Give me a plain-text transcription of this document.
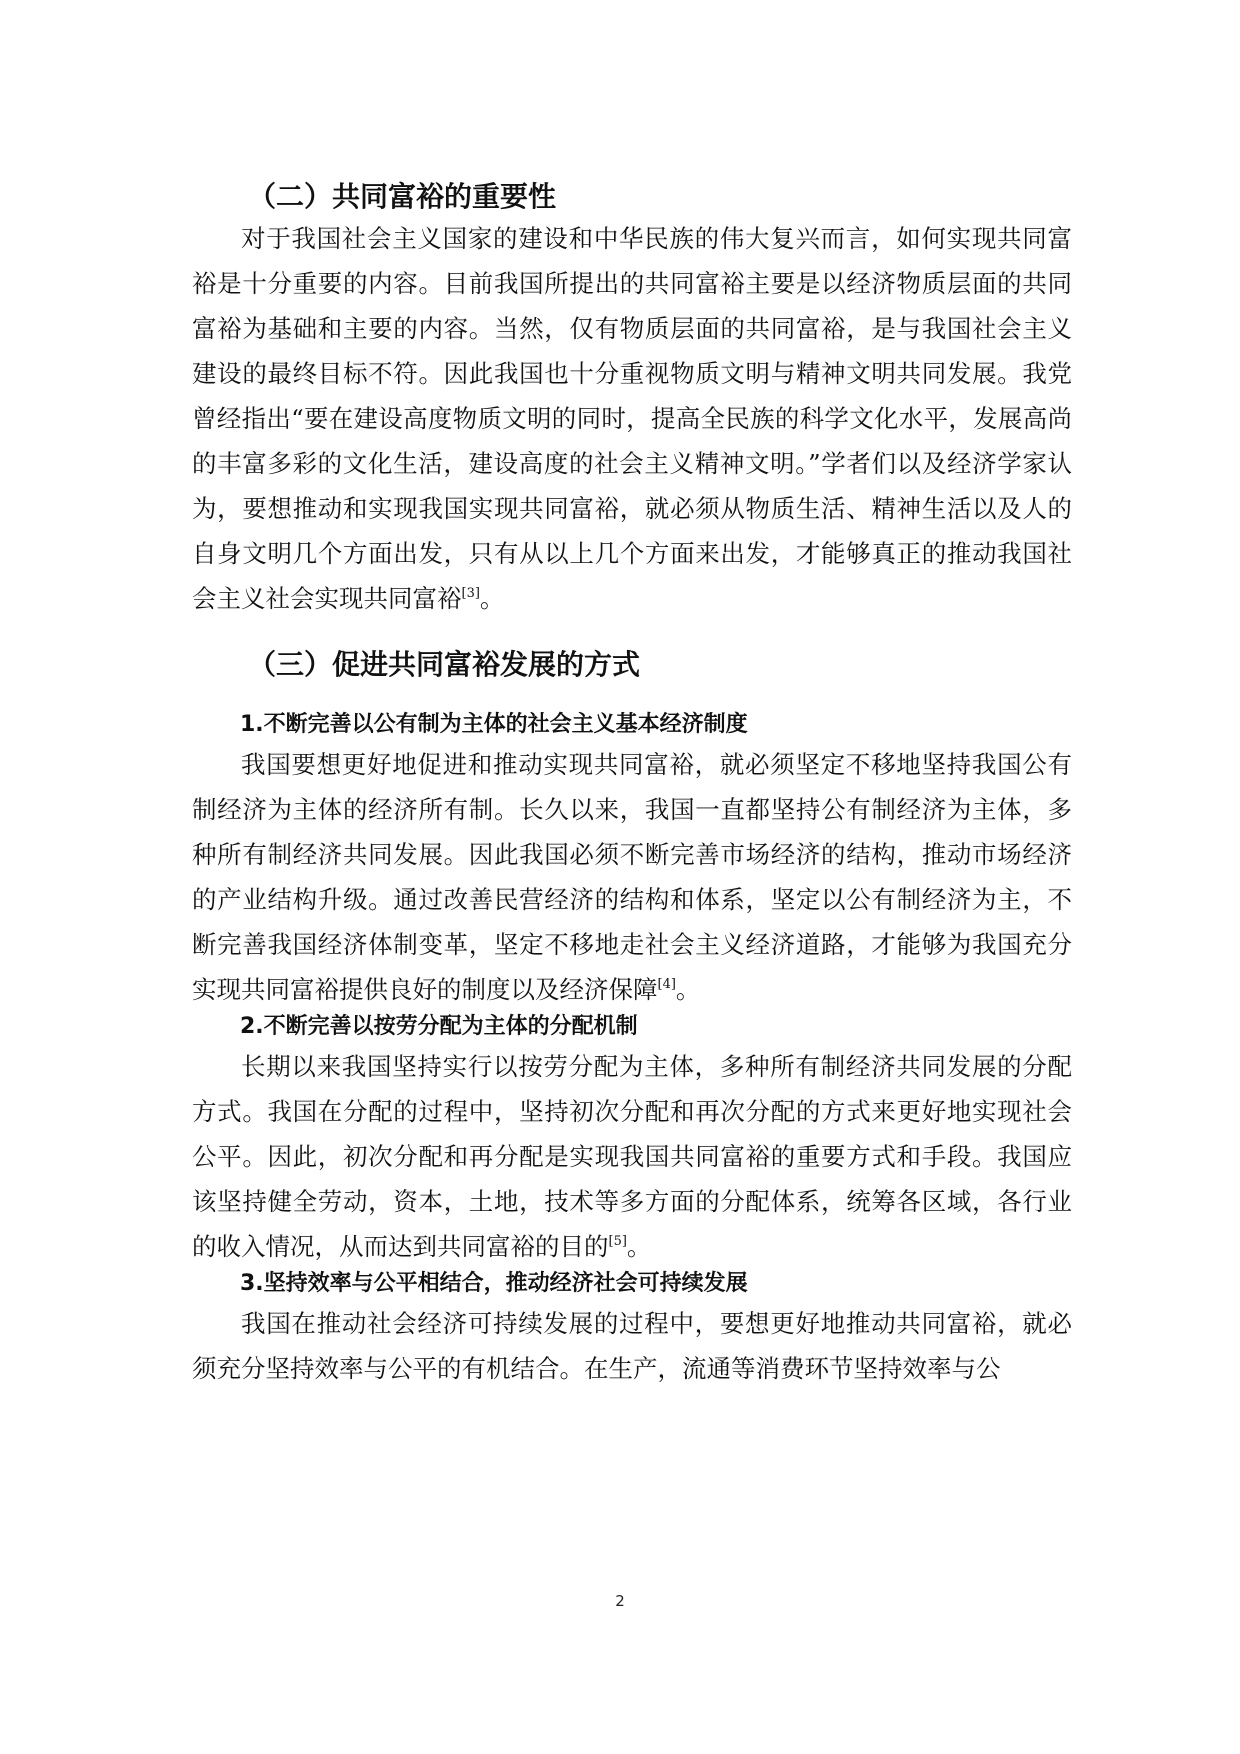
（二）共同富裕的重要性

对于我国社会主义国家的建设和中华民族的伟大复兴而言，如何实现共同富裕是十分重要的内容。目前我国所提出的共同富裕主要是以经济物质层面的共同富裕为基础和主要的内容。当然，仅有物质层面的共同富裕，是与我国社会主义建设的最终目标不符。因此我国也十分重视物质文明与精神文明共同发展。我党曾经指出“要在建设高度物质文明的同时，提高全民族的科学文化水平，发展高尚的丰富多彩的文化生活，建设高度的社会主义精神文明。”学者们以及经济学家认为，要想推动和实现我国实现共同富裕，就必须从物质生活、精神生活以及人的自身文明几个方面出发，只有从以上几个方面来出发，才能够真正的推动我国社会主义社会实现共同富裕[3]。

（三）促进共同富裕发展的方式
1.不断完善以公有制为主体的社会主义基本经济制度

我国要想更好地促进和推动实现共同富裕，就必须坚定不移地坚持我国公有制经济为主体的经济所有制。长久以来，我国一直都坚持公有制经济为主体，多种所有制经济共同发展。因此我国必须不断完善市场经济的结构，推动市场经济的产业结构升级。通过改善民营经济的结构和体系，坚定以公有制经济为主，不断完善我国经济体制变革，坚定不移地走社会主义经济道路，才能够为我国充分实现共同富裕提供良好的制度以及经济保障[4]。

2.不断完善以按劳分配为主体的分配机制

长期以来我国坚持实行以按劳分配为主体，多种所有制经济共同发展的分配方式。我国在分配的过程中，坚持初次分配和再次分配的方式来更好地实现社会公平。因此，初次分配和再分配是实现我国共同富裕的重要方式和手段。我国应该坚持健全劳动，资本，土地，技术等多方面的分配体系，统筹各区域，各行业的收入情况，从而达到共同富裕的目的[5]。

3.坚持效率与公平相结合，推动经济社会可持续发展

我国在推动社会经济可持续发展的过程中，要想更好地推动共同富裕，就必须充分坚持效率与公平的有机结合。在生产，流通等消费环节坚持效率与公

2
